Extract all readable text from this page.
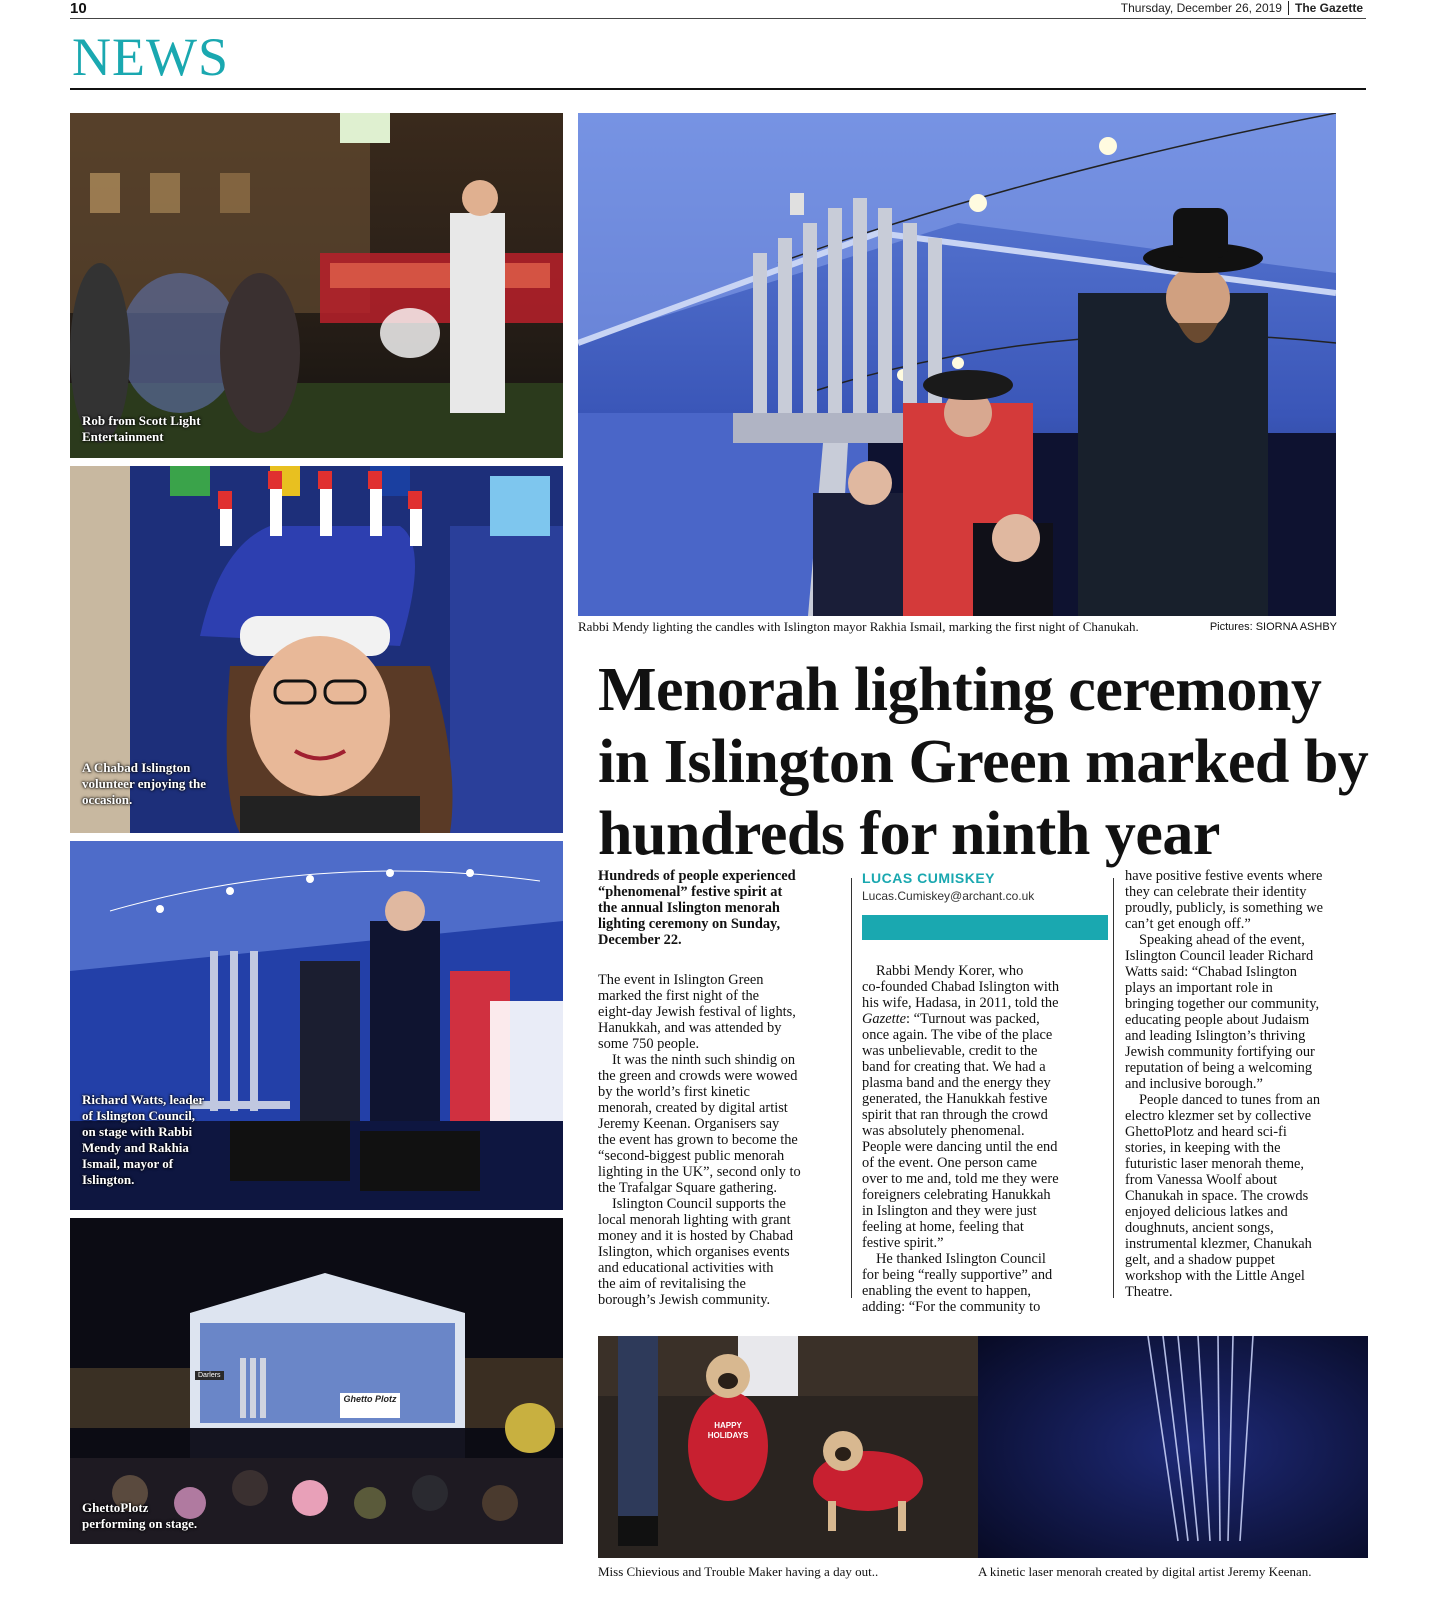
10	Thursday, December 26, 2019 The Gazette
NEWS
Rob from Scott Light
Entertainment
A Chabad Islington
volunteer enjoying the
occasion.
Richard Watts, leader
of Islington Council,
on stage with Rabbi
Mendy and Rakhia
Ismail, mayor of
Islington.
Darlers
Ghetto Plotz
GhettoPlotz
performing on stage.
Rabbi Mendy lighting the candles with Islington mayor Rakhia Ismail, marking the first night of Chanukah.	Pictures: SIORNA ASHBY
Menorah lighting ceremony
in Islington Green marked by
hundreds for ninth year
Hundreds of people experienced
“phenomenal” festive spirit at
the annual Islington menorah
lighting ceremony on Sunday,
December 22.

The event in Islington Green
marked the first night of the
eight-day Jewish festival of lights,
Hanukkah, and was attended by
some 750 people.

It was the ninth such shindig on
the green and crowds were wowed
by the world’s first kinetic
menorah, created by digital artist
Jeremy Keenan. Organisers say
the event has grown to become the
“second-biggest public menorah
lighting in the UK”, second only to
the Trafalgar Square gathering.

Islington Council supports the
local menorah lighting with grant
money and it is hosted by Chabad
Islington, which organises events
and educational activities with
the aim of revitalising the
borough’s Jewish community.

LUCAS CUMISKEY
Lucas.Cumiskey@archant.co.uk

Rabbi Mendy Korer, who
co-founded Chabad Islington with
his wife, Hadasa, in 2011, told the
Gazette: “Turnout was packed,
once again. The vibe of the place
was unbelievable, credit to the
band for creating that. We had a
plasma band and the energy they
generated, the Hanukkah festive
spirit that ran through the crowd
was absolutely phenomenal.
People were dancing until the end
of the event. One person came
over to me and, told me they were
foreigners celebrating Hanukkah
in Islington and they were just
feeling at home, feeling that
festive spirit.”

He thanked Islington Council
for being “really supportive” and
enabling the event to happen,
adding: “For the community to

have positive festive events where
they can celebrate their identity
proudly, publicly, is something we
can’t get enough off.”

Speaking ahead of the event,
Islington Council leader Richard
Watts said: “Chabad Islington
plays an important role in
bringing together our community,
educating people about Judaism
and leading Islington’s thriving
Jewish community fortifying our
reputation of being a welcoming
and inclusive borough.”

People danced to tunes from an
electro klezmer set by collective
GhettoPlotz and heard sci-fi
stories, in keeping with the
futuristic laser menorah theme,
from Vanessa Woolf about
Chanukah in space. The crowds
enjoyed delicious latkes and
doughnuts, ancient songs,
instrumental klezmer, Chanukah
gelt, and a shadow puppet
workshop with the Little Angel
Theatre.

HAPPY HOLIDAYS
Miss Chievious and Trouble Maker having a day out..	A kinetic laser menorah created by digital artist Jeremy Keenan.
